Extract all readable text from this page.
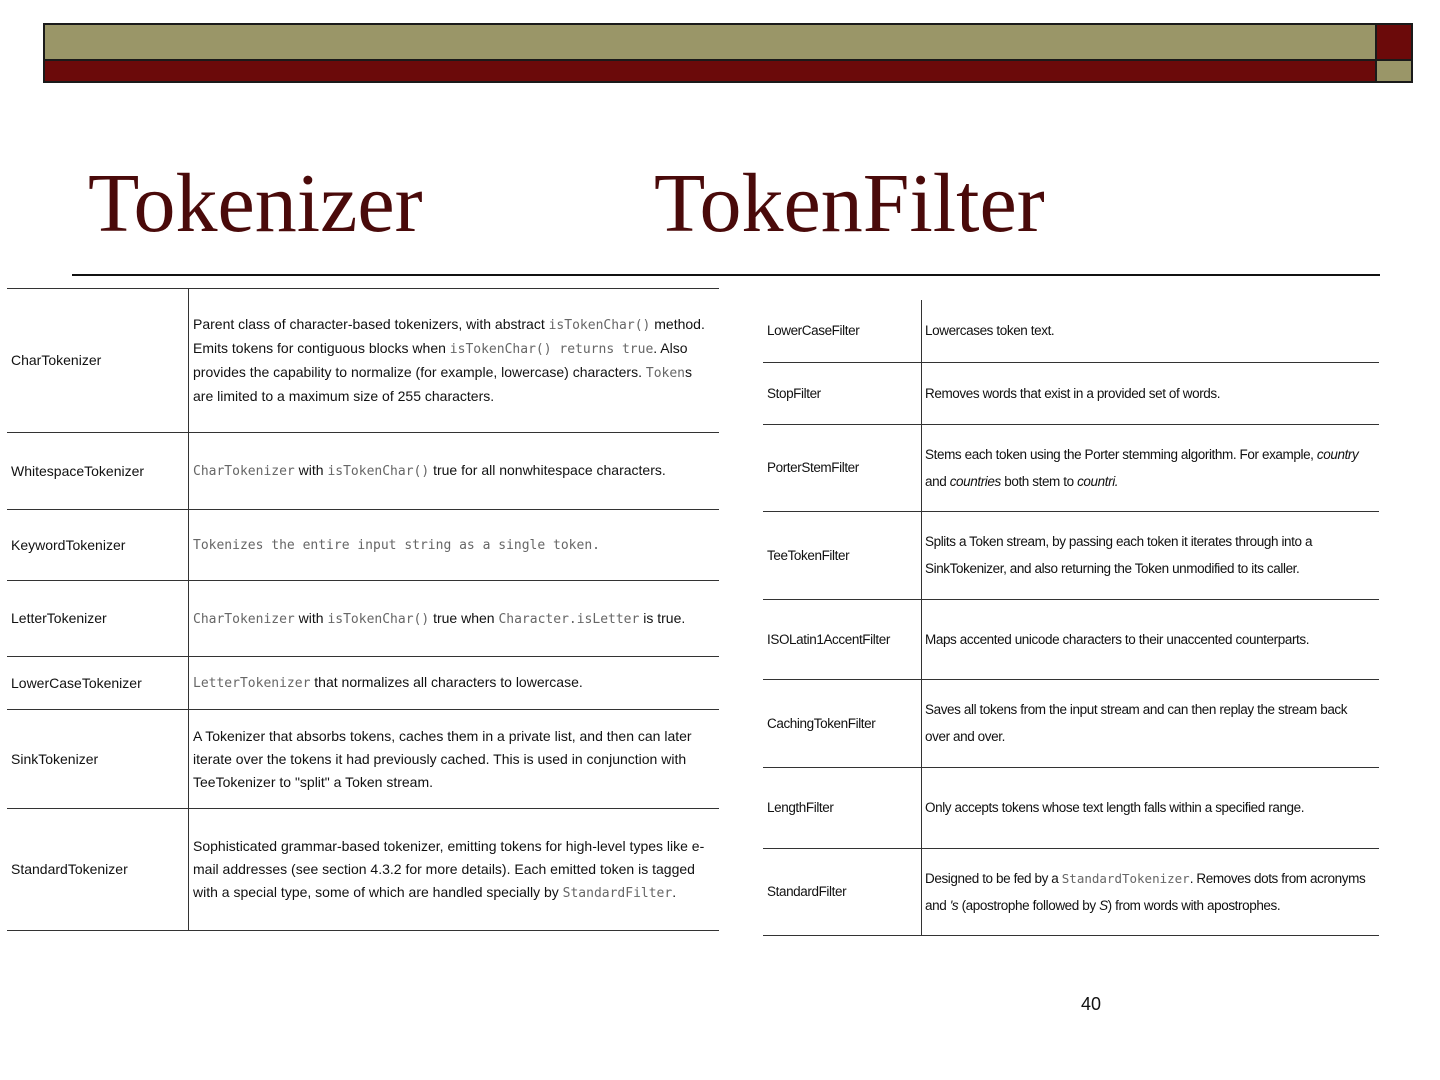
Tokenizer	TokenFilter
CharTokenizer	Parent class of character-based tokenizers, with abstract isTokenChar() method. Emits tokens for contiguous blocks when isTokenChar() returns true. Also provides the capability to normalize (for example, lowercase) characters. Tokens are limited to a maximum size of 255 characters.
WhitespaceTokenizer	CharTokenizer with isTokenChar() true for all nonwhitespace characters.
KeywordTokenizer	Tokenizes the entire input string as a single token.
LetterTokenizer	CharTokenizer with isTokenChar() true when Character.isLetter is true.
LowerCaseTokenizer	LetterTokenizer that normalizes all characters to lowercase.
SinkTokenizer	A Tokenizer that absorbs tokens, caches them in a private list, and then can later iterate over the tokens it had previously cached. This is used in conjunction with TeeTokenizer to "split" a Token stream.
StandardTokenizer	Sophisticated grammar-based tokenizer, emitting tokens for high-level types like e-mail addresses (see section 4.3.2 for more details). Each emitted token is tagged with a special type, some of which are handled specially by StandardFilter.
LowerCaseFilter	Lowercases token text.
StopFilter	Removes words that exist in a provided set of words.
PorterStemFilter	Stems each token using the Porter stemming algorithm. For example, country and countries both stem to countri.
TeeTokenFilter	Splits a Token stream, by passing each token it iterates through into a SinkTokenizer, and also returning the Token unmodified to its caller.
ISOLatin1AccentFilter	Maps accented unicode characters to their unaccented counterparts.
CachingTokenFilter	Saves all tokens from the input stream and can then replay the stream back over and over.
LengthFilter	Only accepts tokens whose text length falls within a specified range.
StandardFilter	Designed to be fed by a StandardTokenizer. Removes dots from acronyms and 's (apostrophe followed by S) from words with apostrophes.
40
